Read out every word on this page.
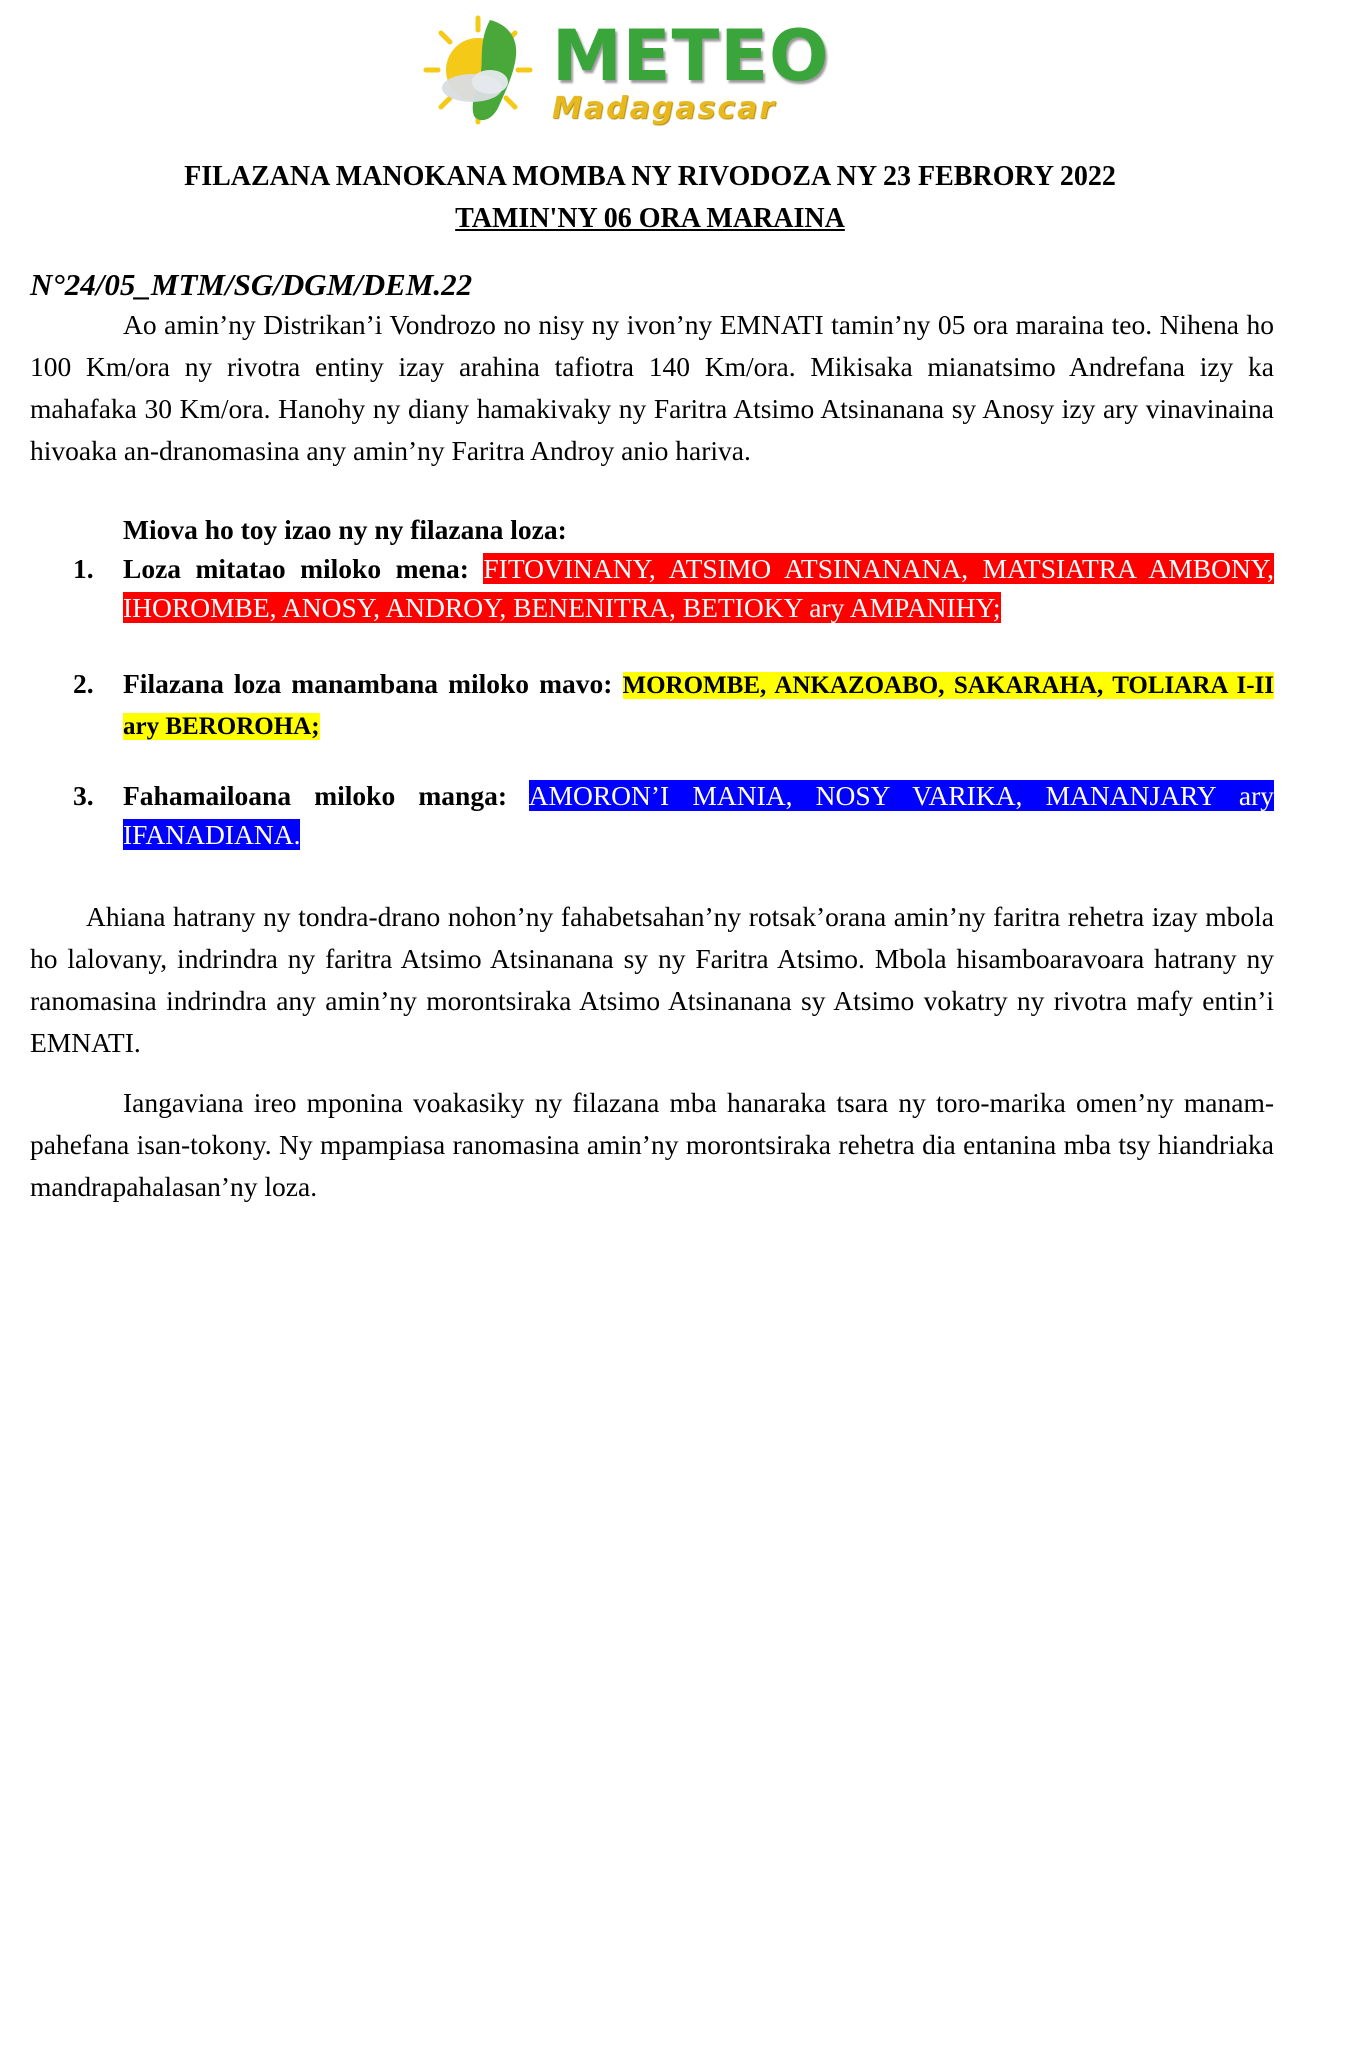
METEO
Madagascar
FILAZANA MANOKANA MOMBA NY RIVODOZA NY 23 FEBRORY 2022
TAMIN'NY 06 ORA MARAINA
N°24/05_MTM/SG/DGM/DEM.22
Ao amin’ny Distrikan’i Vondrozo no nisy ny ivon’ny EMNATI tamin’ny 05 ora maraina teo. Nihena ho 100 Km/ora ny rivotra entiny izay arahina tafiotra 140 Km/ora. Mikisaka mianatsimo Andrefana izy ka mahafaka 30 Km/ora. Hanohy ny diany hamakivaky ny Faritra Atsimo Atsinanana sy Anosy izy ary vinavinaina hivoaka an-dranomasina any amin’ny Faritra Androy anio hariva.
Miova ho toy izao ny ny filazana loza:
1. Loza mitatao miloko mena: FITOVINANY, ATSIMO ATSINANANA, MATSIATRA AMBONY, IHOROMBE, ANOSY, ANDROY, BENENITRA, BETIOKY ary AMPANIHY;
2. Filazana loza manambana miloko mavo: MOROMBE, ANKAZOABO, SAKARAHA, TOLIARA I-II ary BEROROHA;
3. Fahamailoana miloko manga: AMORON’I MANIA, NOSY VARIKA, MANANJARY ary IFANADIANA.
Ahiana hatrany ny tondra-drano nohon’ny fahabetsahan’ny rotsak’orana amin’ny faritra rehetra izay mbola ho lalovany, indrindra ny faritra Atsimo Atsinanana sy ny Faritra Atsimo. Mbola hisamboaravoara hatrany ny ranomasina indrindra any amin’ny morontsiraka Atsimo Atsinanana sy Atsimo vokatry ny rivotra mafy entin’i EMNATI.
Iangaviana ireo mponina voakasiky ny filazana mba hanaraka tsara ny toro-marika omen’ny manam-pahefana isan-tokony. Ny mpampiasa ranomasina amin’ny morontsiraka rehetra dia entanina mba tsy hiandriaka mandrapahalasan’ny loza.
